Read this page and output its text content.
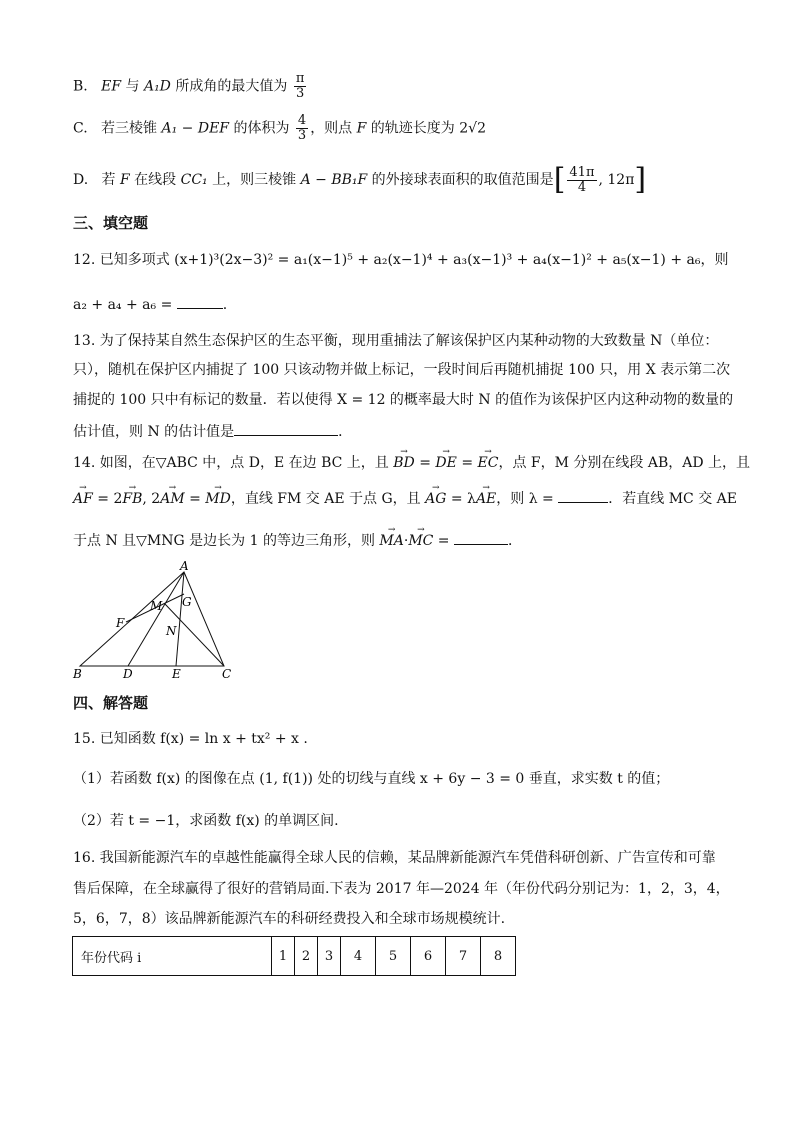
B. EF 与 A₁D 所成角的最大值为 $\frac{\pi}{3}$
C. 若三棱锥 A₁ − DEF 的体积为 $\frac{4}{3}$ ，则点 F 的轨迹长度为 2√2
D. 若 F 在线段 CC₁ 上，则三棱锥 A − BB₁F 的外接球表面积的取值范围是[ $\frac{41\pi}{4}$ , 12π]
三、填空题
12. 已知多项式 (x+1)³(2x−3)² = a₁(x−1)⁵ + a₂(x−1)⁴ + a₃(x−1)³ + a₄(x−1)² + a₅(x−1) + a₆，则
a₂ + a₄ + a₆ =	.
13. 为了保持某自然生态保护区的生态平衡，现用重捕法了解该保护区内某种动物的大致数量 N（单位：
只），随机在保护区内捕捉了 100 只该动物并做上标记，一段时间后再随机捕捉 100 只，用 X 表示第二次
捕捉的 100 只中有标记的数量．若以使得 X = 12 的概率最大时 N 的值作为该保护区内这种动物的数量的
估计值，则 N 的估计值是	．
14. 如图，在▽ABC 中，点 D，E 在边 BC 上，且 → BD = → DE = → EC，点 F，M 分别在线段 AB，AD 上，且
→ AF = 2→ FB, 2→ AM = → MD，直线 FM 交 AE 于点 G，且 → AG = λ→ AE，则 λ =	．若直线 MC 交 AE
于点 N 且▽MNG 是边长为 1 的等边三角形，则 → MA·→ MC =	．
A
B	C
D	E
F
G
M
N
四、解答题
15. 已知函数 f(x) = ln x + tx² + x .
（1）若函数 f(x) 的图像在点 (1, f(1)) 处的切线与直线 x + 6y − 3 = 0 垂直，求实数 t 的值；
（2）若 t = −1，求函数 f(x) 的单调区间.
16. 我国新能源汽车的卓越性能赢得全球人民的信赖，某品牌新能源汽车凭借科研创新、广告宣传和可靠
售后保障，在全球赢得了很好的营销局面.下表为 2017 年—2024 年（年份代码分别记为：1，2，3，4，
5，6，7，8）该品牌新能源汽车的科研经费投入和全球市场规模统计.
年份代码 i	1	2	3	4	5	6	7	8
